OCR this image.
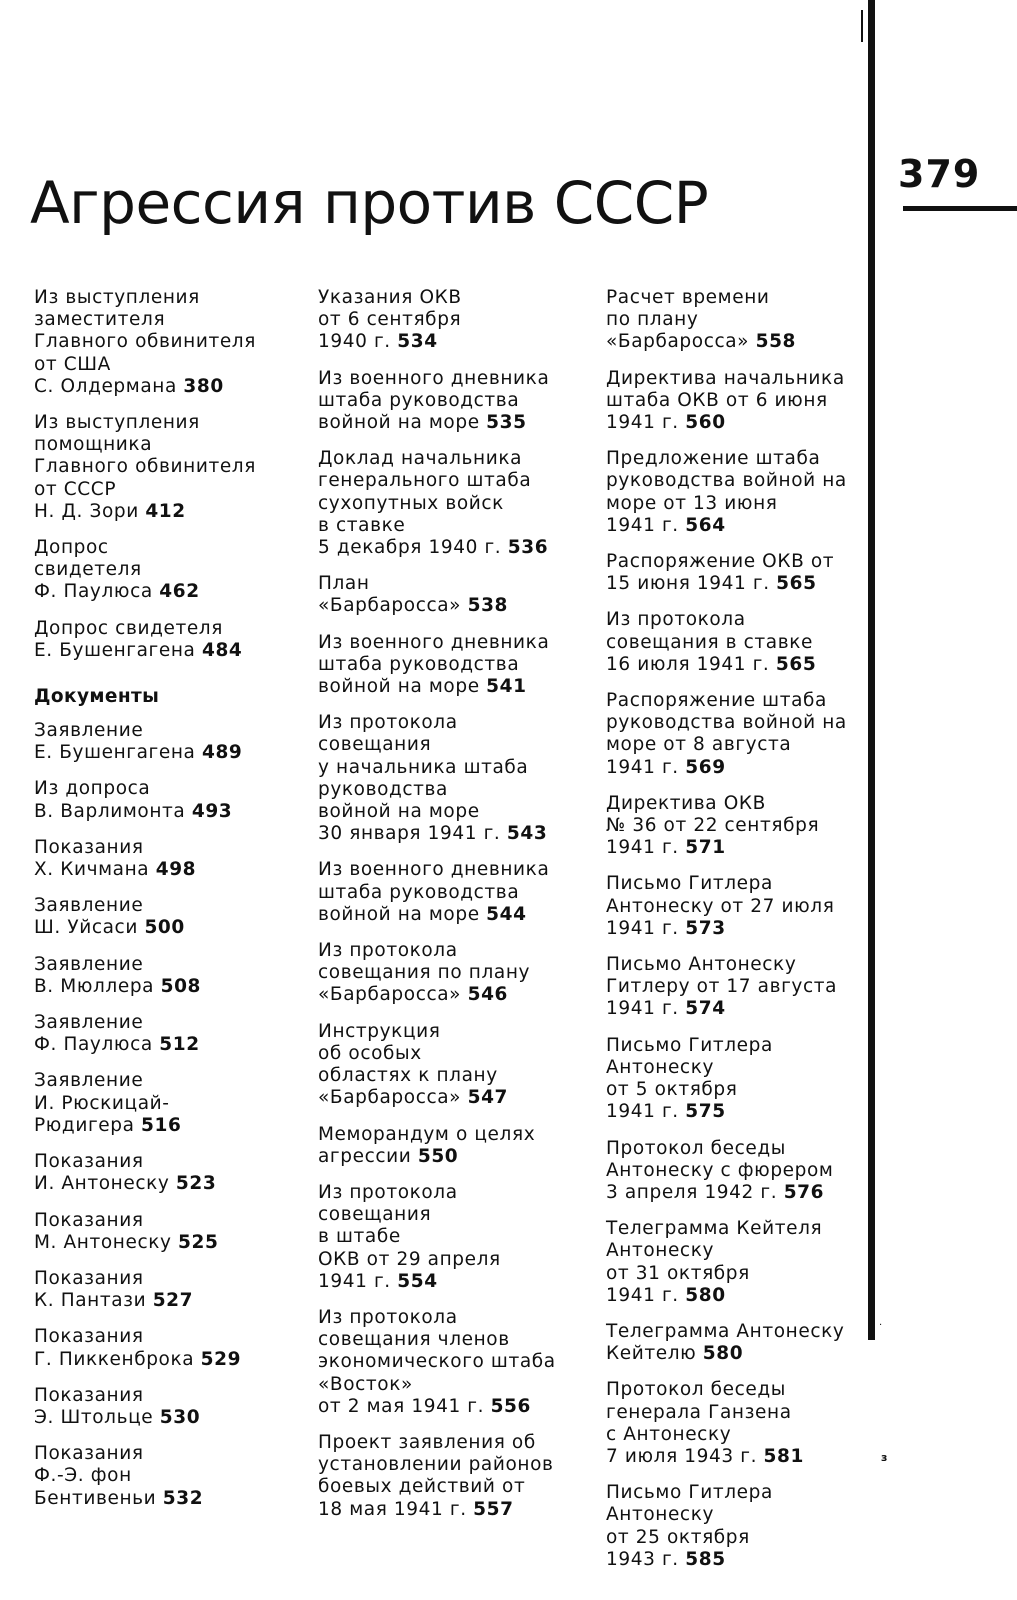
379
Агрессия против СССР
Из выступления
заместителя
Главного обвинителя
от США
С. Олдермана 380
Из выступления
помощника
Главного обвинителя
от СССР
Н. Д. Зори 412
Допрос
свидетеля
Ф. Паулюса 462
Допрос свидетеля
Е. Бушенгагена 484
Документы
Заявление
Е. Бушенгагена 489
Из допроса
В. Варлимонта 493
Показания
Х. Кичмана 498
Заявление
Ш. Уйсаси 500
Заявление
В. Мюллера 508
Заявление
Ф. Паулюса 512
Заявление
И. Рюскицай-
Рюдигера 516
Показания
И. Антонеску 523
Показания
М. Антонеску 525
Показания
К. Пантази 527
Показания
Г. Пиккенброка 529
Показания
Э. Штольце 530
Показания
Ф.-Э. фон
Бентивеньи 532
Указания ОКВ
от 6 сентября
1940 г. 534
Из военного дневника
штаба руководства
войной на море 535
Доклад начальника
генерального штаба
сухопутных войск
в ставке
5 декабря 1940 г. 536
План
«Барбаросса» 538
Из военного дневника
штаба руководства
войной на море 541
Из протокола
совещания
у начальника штаба
руководства
войной на море
30 января 1941 г. 543
Из военного дневника
штаба руководства
войной на море 544
Из протокола
совещания по плану
«Барбаросса» 546
Инструкция
об особых
областях к плану
«Барбаросса» 547
Меморандум о целях
агрессии 550
Из протокола
совещания
в штабе
ОКВ от 29 апреля
1941 г. 554
Из протокола
совещания членов
экономического штаба
«Восток»
от 2 мая 1941 г. 556
Проект заявления об
установлении районов
боевых действий от
18 мая 1941 г. 557
Расчет времени
по плану
«Барбаросса» 558
Директива начальника
штаба ОКВ от 6 июня
1941 г. 560
Предложение штаба
руководства войной на
море от 13 июня
1941 г. 564
Распоряжение ОКВ от
15 июня 1941 г. 565
Из протокола
совещания в ставке
16 июля 1941 г. 565
Распоряжение штаба
руководства войной на
море от 8 августа
1941 г. 569
Директива ОКВ
№ 36 от 22 сентября
1941 г. 571
Письмо Гитлера
Антонеску от 27 июля
1941 г. 573
Письмо Антонеску
Гитлеру от 17 августа
1941 г. 574
Письмо Гитлера
Антонеску
от 5 октября
1941 г. 575
Протокол беседы
Антонеску с фюрером
3 апреля 1942 г. 576
Телеграмма Кейтеля
Антонеску
от 31 октября
1941 г. 580
Телеграмма Антонеску
Кейтелю 580
Протокол беседы
генерала Ганзена
с Антонеску
7 июля 1943 г. 581
Письмо Гитлера
Антонеску
от 25 октября
1943 г. 585
.
з
